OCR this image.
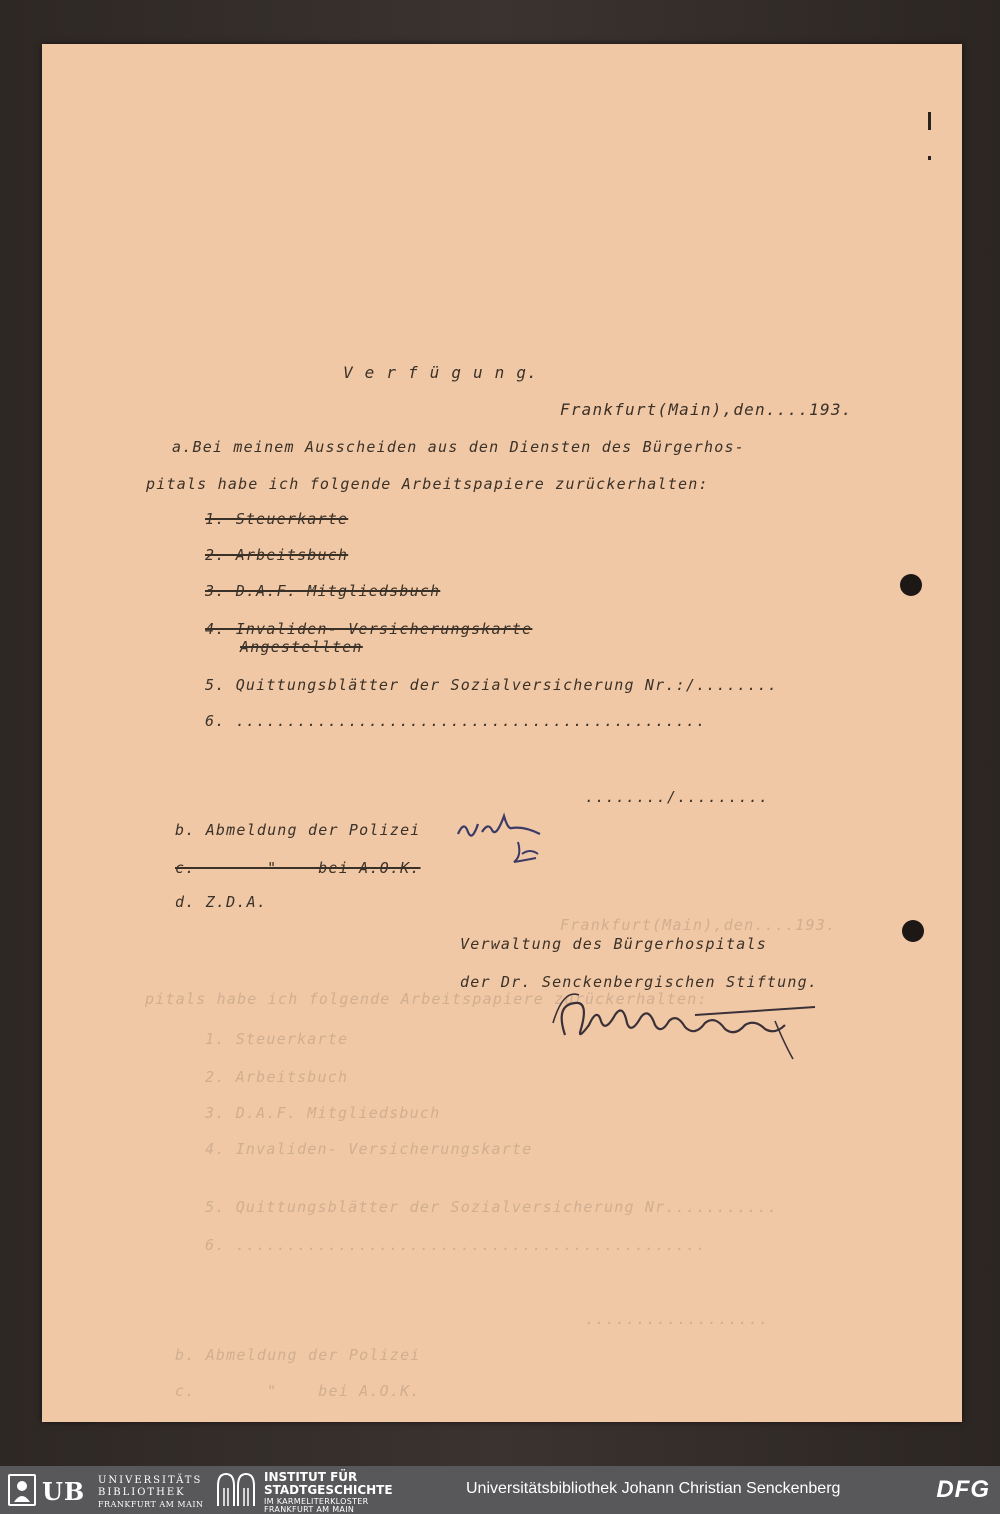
Frankfurt(Main),den....193.
pitals habe ich folgende Arbeitspapiere zurückerhalten:
1. Steuerkarte
2. Arbeitsbuch
3. D.A.F. Mitgliedsbuch
4. Invaliden- Versicherungskarte
5. Quittungsblätter der Sozialversicherung Nr...........
6. ..............................................
..................
b. Abmeldung der Polizei
c.       "    bei A.O.K.
V e r f ü g u n g.
Frankfurt(Main),den....193.
a.Bei meinem Ausscheiden aus den Diensten des Bürgerhos-
pitals habe ich folgende Arbeitspapiere zurückerhalten:
1. Steuerkarte
2. Arbeitsbuch
3. D.A.F. Mitgliedsbuch
4. Invaliden- Versicherungskarte
Angestellten
5. Quittungsblätter der Sozialversicherung Nr.:/........
6. ..............................................
......../.........
b. Abmeldung der Polizei
c.       "    bei A.O.K.
d. Z.D.A.
Verwaltung des Bürgerhospitals
der Dr. Senckenbergischen Stiftung.
UB UNIVERSITÄTS
BIBLIOTHEK
FRANKFURT AM MAIN
INSTITUT FÜR
STADTGESCHICHTE
IM KARMELITERKLOSTER
FRANKFURT AM MAIN
Universitätsbibliothek Johann Christian Senckenberg	DFG
